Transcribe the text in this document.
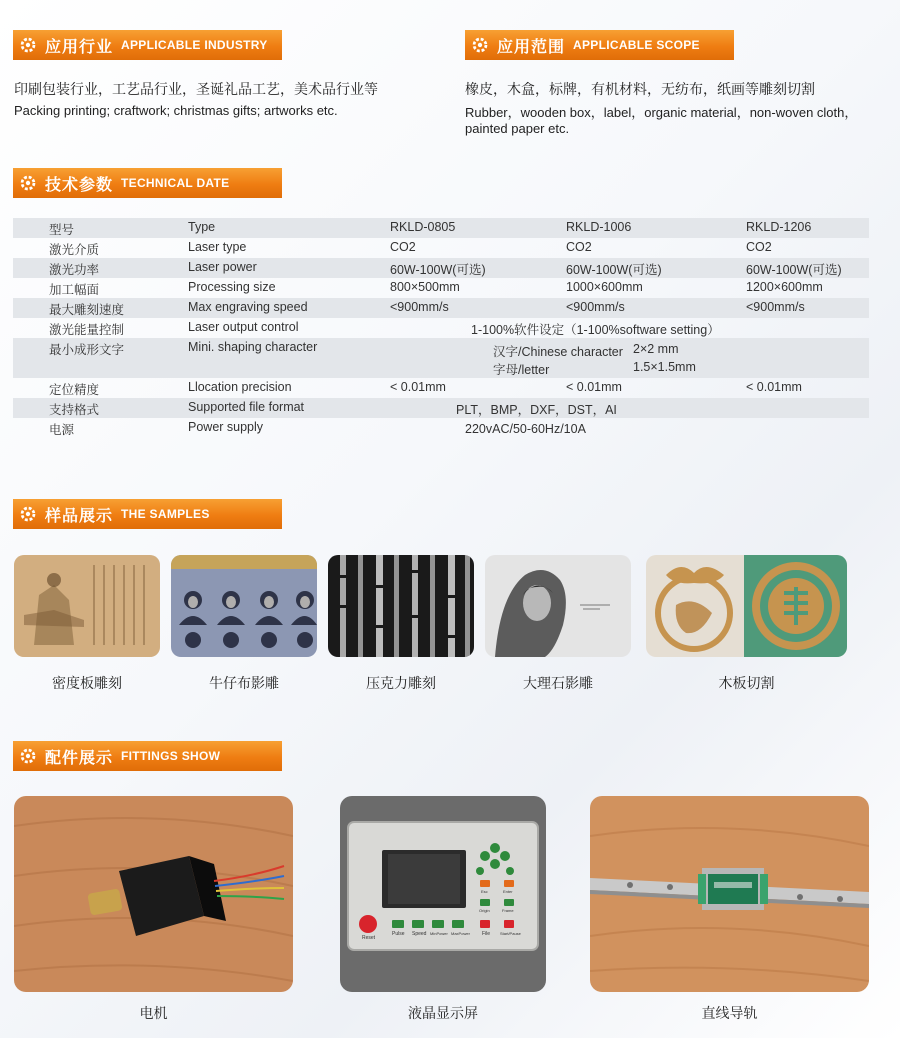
应用行业 APPLICABLE INDUSTRY	应用范围 APPLICABLE SCOPE
印刷包装行业，工艺品行业，圣诞礼品工艺，美术品行业等
Packing printing; craftwork; christmas gifts; artworks etc.
橡皮，木盒，标牌，有机材料，无纺布，纸画等雕刻切割
Rubber，wooden box，label，organic material，non-woven cloth，
painted paper etc.
技术参数 TECHNICAL DATE
型号	Type	RKLD-0805	RKLD-1006	RKLD-1206
激光介质	Laser type	CO2	CO2	CO2
激光功率	Laser power	60W-100W(可选)	60W-100W(可选)	60W-100W(可选)
加工幅面	Processing size	800×500mm	1000×600mm	1200×600mm
最大雕刻速度	Max engraving speed	<900mm/s	<900mm/s	<900mm/s
激光能量控制	Laser output control	1-100%软件设定（1-100%software setting）
最小成形文字	Mini. shaping character	汉字/Chinese character 2×2 mm
字母/letter	1.5×1.5mm
定位精度	Llocation precision	< 0.01mm	< 0.01mm	< 0.01mm
支持格式	Supported file format	PLT，BMP，DXF，DST，AI
电源	Power supply	220vAC/50-60Hz/10A
样品展示 THE SAMPLES
密度板雕刻	牛仔布影雕	压克力雕刻	大理石影雕	木板切割
配件展示 FITTINGS SHOW
Reset
Pulse Speed MinPower MaxPower File Start/Pause
Esc	Enter
Origin	Frame
电机	液晶显示屏	直线导轨
